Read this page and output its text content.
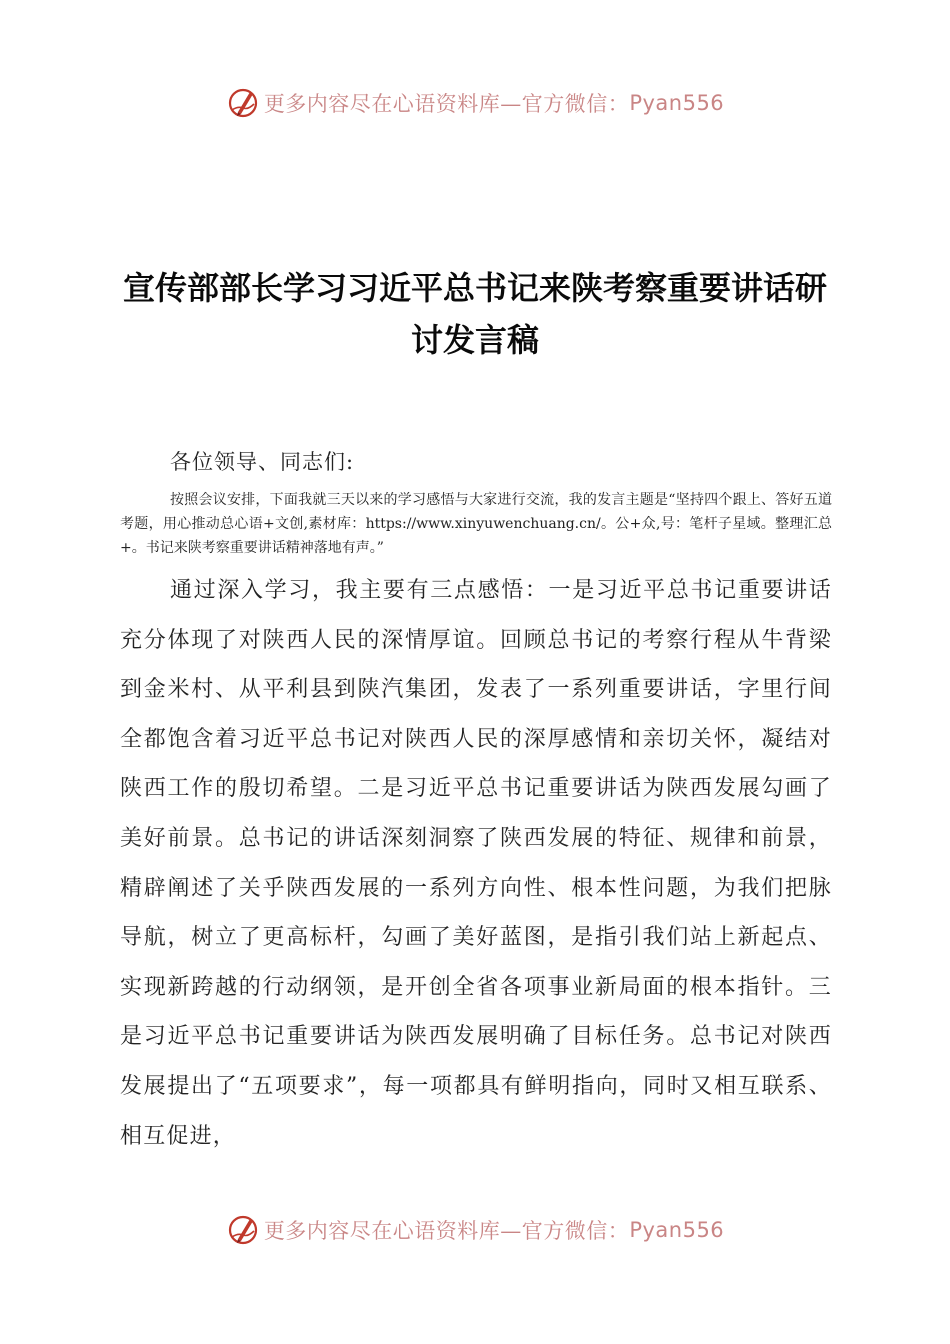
更多内容尽在心语资料库—官方微信： Pyan556
宣传部部长学习习近平总书记来陕考察重要讲话研讨发言稿
各位领导、同志们:

按照会议安排，下面我就三天以来的学习感悟与大家进行交流，我的发言主题是“坚持四个跟上、答好五道考题，用心推动总心语+文创,素材库：https://www.xinyuwenchuang.cn/。公+众,号：笔杆子星域。整理汇总+。书记来陕考察重要讲话精神落地有声。”

通过深入学习，我主要有三点感悟：一是习近平总书记重要讲话充分体现了对陕西人民的深情厚谊。回顾总书记的考察行程从牛背梁到金米村、从平利县到陕汽集团，发表了一系列重要讲话，字里行间全都饱含着习近平总书记对陕西人民的深厚感情和亲切关怀，凝结对陕西工作的殷切希望。二是习近平总书记重要讲话为陕西发展勾画了美好前景。总书记的讲话深刻洞察了陕西发展的特征、规律和前景，精辟阐述了关乎陕西发展的一系列方向性、根本性问题，为我们把脉导航，树立了更高标杆，勾画了美好蓝图，是指引我们站上新起点、实现新跨越的行动纲领，是开创全省各项事业新局面的根本指针。三是习近平总书记重要讲话为陕西发展明确了目标任务。总书记对陕西发展提出了“五项要求”，每一项都具有鲜明指向，同时又相互联系、相互促进，

更多内容尽在心语资料库—官方微信： Pyan556
